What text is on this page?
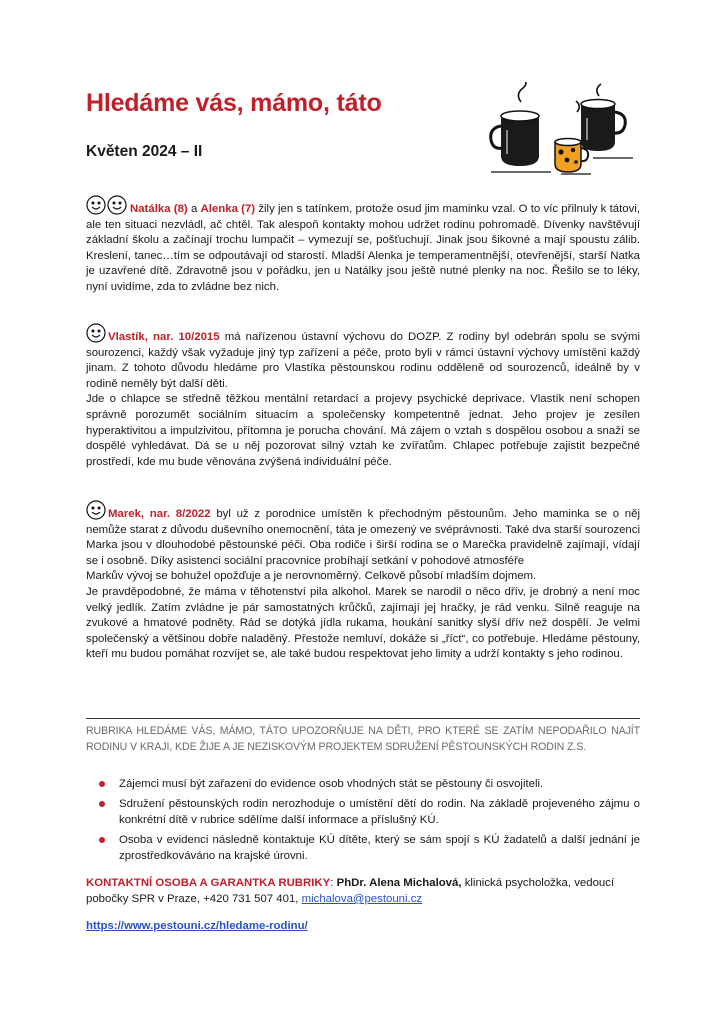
Hledáme vás, mámo, táto
Květen 2024 – II

Natálka (8) a Alenka (7) žily jen s tatínkem, protože osud jim maminku vzal. O to víc přilnuly k tátovi, ale ten situaci nezvládl, ač chtěl. Tak alespoň kontakty mohou udržet rodinu pohromadě. Dívenky navštěvují základní školu a začínají trochu lumpačit – vymezují se, pošťuchují. Jinak jsou šikovné a mají spoustu zálib. Kreslení, tanec…tím se odpoutávají od starostí. Mladší Alenka je temperamentnější, otevřenější, starší Natka je uzavřené dítě. Zdravotně jsou v pořádku, jen u Natálky jsou ještě nutné plenky na noc. Řešilo se to léky, nyní uvidíme, zda to zvládne bez nich.

Vlastík, nar. 10/2015 má nařízenou ústavní výchovu do DOZP. Z rodiny byl odebrán spolu se svými sourozenci, každý však vyžaduje jiný typ zařízení a péče, proto byli v rámci ústavní výchovy umístěni každý jinam. Z tohoto důvodu hledáme pro Vlastíka pěstounskou rodinu odděleně od sourozenců, ideálně by v rodině neměly být další děti.

Jde o chlapce se středně těžkou mentální retardací a projevy psychické deprivace. Vlastík není schopen správně porozumět sociálním situacím a společensky kompetentně jednat. Jeho projev je zesílen hyperaktivitou a impulzivitou, přítomna je porucha chování. Má zájem o vztah s dospělou osobou a snaží se dospělé vyhledávat. Dá se u něj pozorovat silný vztah ke zvířatům. Chlapec potřebuje zajistit bezpečné prostředí, kde mu bude věnována zvýšená individuální péče.

Marek, nar. 8/2022 byl už z porodnice umístěn k přechodným pěstounům. Jeho maminka se o něj nemůže starat z důvodu duševního onemocnění, táta je omezený ve svéprávnosti. Také dva starší sourozenci Marka jsou v dlouhodobé pěstounské péči. Oba rodiče i širší rodina se o Marečka pravidelně zajímají, vídají se i osobně. Díky asistenci sociální pracovnice probíhají setkání v pohodové atmosféře

Markův vývoj se bohužel opožďuje a je nerovnoměrný. Celkově působí mladším dojmem.

Je pravděpodobné, že máma v těhotenství pila alkohol. Marek se narodil o něco dřív, je drobný a není moc velký jedlík. Zatím zvládne je pár samostatných krůčků, zajímají jej hračky, je rád venku. Silně reaguje na zvukové a hmatové podněty. Rád se dotýká jídla rukama, houkání sanitky slyší dřív než dospělí. Je velmi společenský a většinou dobře naladěný. Přestože nemluví, dokáže si „říct“, co potřebuje. Hledáme pěstouny, kteří mu budou pomáhat rozvíjet se, ale také budou respektovat jeho limity a udrží kontakty s jeho rodinou.

RUBRIKA HLEDÁME VÁS, MÁMO, TÁTO UPOZORŇUJE NA DĚTI, PRO KTERÉ SE ZATÍM NEPODAŘILO NAJÍT RODINU V KRAJI, KDE ŽIJE A JE NEZISKOVÝM PROJEKTEM SDRUŽENÍ PĚSTOUNSKÝCH RODIN Z.S.
Zájemci musí být zařazeni do evidence osob vhodných stát se pěstouny či osvojiteli.
Sdružení pěstounských rodin nerozhoduje o umístění dětí do rodin. Na základě projeveného zájmu o konkrétní dítě v rubrice sdělíme další informace a příslušný KÚ.
Osoba v evidenci následně kontaktuje KÚ dítěte, který se sám spojí s KÚ žadatelů a další jednání je zprostředkováváno na krajské úrovni.
KONTAKTNÍ OSOBA A GARANTKA RUBRIKY: PhDr. Alena Michalová, klinická psycholožka, vedoucí pobočky SPR v Praze, +420 731 507 401, michalova@pestouni.cz
https://www.pestouni.cz/hledame-rodinu/
